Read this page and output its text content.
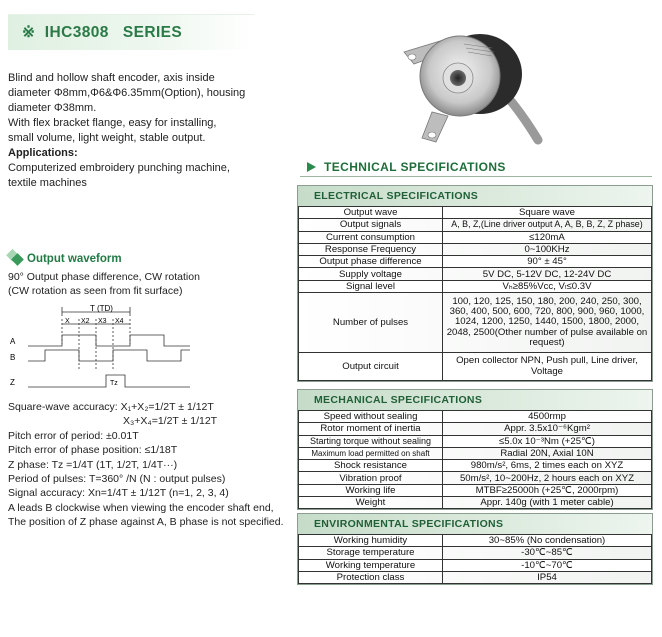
※  IHC3808   SERIES
Blind and hollow shaft encoder, axis inside
diameter Φ8mm,Φ6&Φ6.35mm(Option), housing
diameter Φ38mm.
With flex bracket flange, easy for installing,
small volume, light weight, stable output.
Applications:
Computerized embroidery punching machine,
textile machines
Output waveform
90° Output phase difference, CW rotation
(CW rotation as seen from fit surface)
T (TD)
X X2 X3 X4
A
B
Z	Tz
Square-wave accuracy: X₁+X₂=1/2T ± 1/12T
X₃+X₄=1/2T ± 1/12T
Pitch error of period: ±0.01T
Pitch error of phase position: ≤1/18T
Z phase: Tz =1/4T (1T, 1/2T, 1/4T···)
Period of pulses: T=360° /N (N : output pulses)
Signal accuracy: Xn=1/4T ± 1/12T (n=1, 2, 3, 4)
A leads B clockwise when viewing the encoder shaft end,
The position of Z phase against A, B phase is not specified.
TECHNICAL SPECIFICATIONS
ELECTRICAL SPECIFICATIONS
Output wave	Square wave
Output signals	A, B, Z,(Line driver output A, A, B, B, Z, Z phase)
Current consumption	≤120mA
Response Frequency	0~100KHz
Output phase difference	90° ± 45°
Supply voltage	5V DC, 5-12V DC, 12-24V DC
Signal level	Vₕ≥85%Vcc, Vₗ≤0.3V
Number of pulses	100, 120, 125, 150, 180, 200, 240, 250, 300, 360, 400, 500, 600, 720, 800, 900, 960, 1000, 1024, 1200, 1250, 1440, 1500, 1800, 2000, 2048, 2500(Other number of pulse available on request)
Output circuit	Open collector NPN, Push pull, Line driver, Voltage
MECHANICAL SPECIFICATIONS
Speed without sealing	4500rmp
Rotor moment of inertia	Appr. 3.5x10⁻⁶Kgm²
Starting torque without sealing	≤5.0x 10⁻³Nm (+25℃)
Maximum load permitted on shaft	Radial 20N, Axial 10N
Shock resistance	980m/s², 6ms, 2 times each on XYZ
Vibration proof	50m/s², 10~200Hz, 2 hours each on XYZ
Working life	MTBF≥25000h (+25℃, 2000rpm)
Weight	Appr. 140g (with 1 meter cable)
ENVIRONMENTAL SPECIFICATIONS
Working humidity	30~85% (No condensation)
Storage temperature	-30℃~85℃
Working temperature	-10℃~70℃
Protection class	IP54
